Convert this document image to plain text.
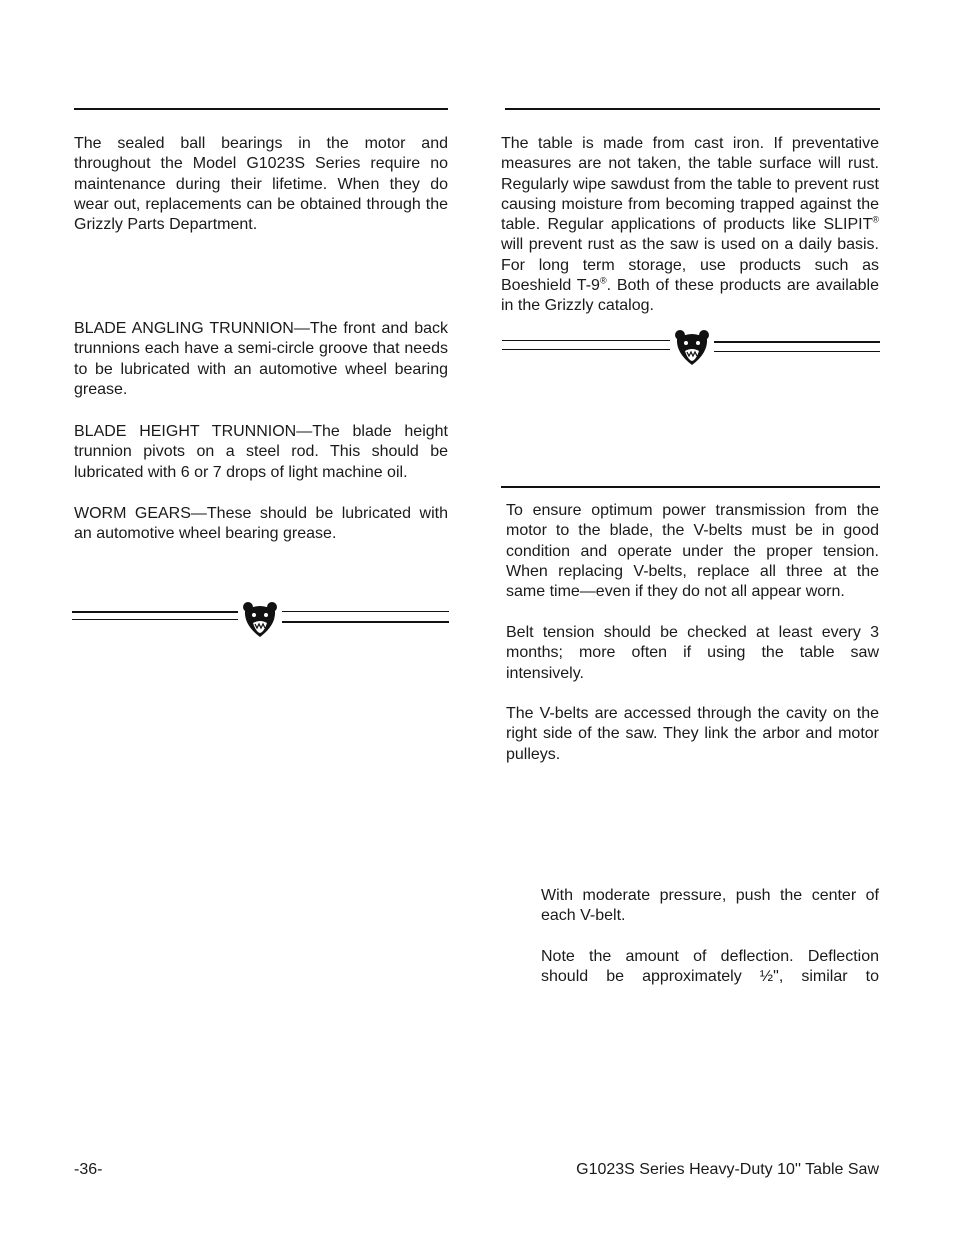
The sealed ball bearings in the motor and throughout the Model G1023S Series require no maintenance during their lifetime. When they do wear out, replacements can be obtained through the Grizzly Parts Department.

BLADE ANGLING TRUNNION—The front and back trunnions each have a semi-circle groove that needs to be lubricated with an automotive wheel bearing grease.

BLADE HEIGHT TRUNNION—The blade height trunnion pivots on a steel rod. This should be lubricated with 6 or 7 drops of light machine oil.

WORM GEARS—These should be lubricated with an automotive wheel bearing grease.

The table is made from cast iron. If preventative measures are not taken, the table surface will rust. Regularly wipe sawdust from the table to prevent rust causing moisture from becoming trapped against the table. Regular applications of products like SLIPIT® will prevent rust as the saw is used on a daily basis. For long term storage, use products such as Boeshield T-9®. Both of these products are available in the Grizzly catalog.

To ensure optimum power transmission from the motor to the blade, the V-belts must be in good condition and operate under the proper tension. When replacing V-belts, replace all three at the same time—even if they do not all appear worn.

Belt tension should be checked at least every 3 months; more often if using the table saw intensively.

The V-belts are accessed through the cavity on the right side of the saw. They link the arbor and motor pulleys.

With moderate pressure, push the center of each V-belt.

Note the amount of deflection. Deflection should be approximately ½", similar to

-36-	G1023S Series Heavy-Duty 10'' Table Saw
